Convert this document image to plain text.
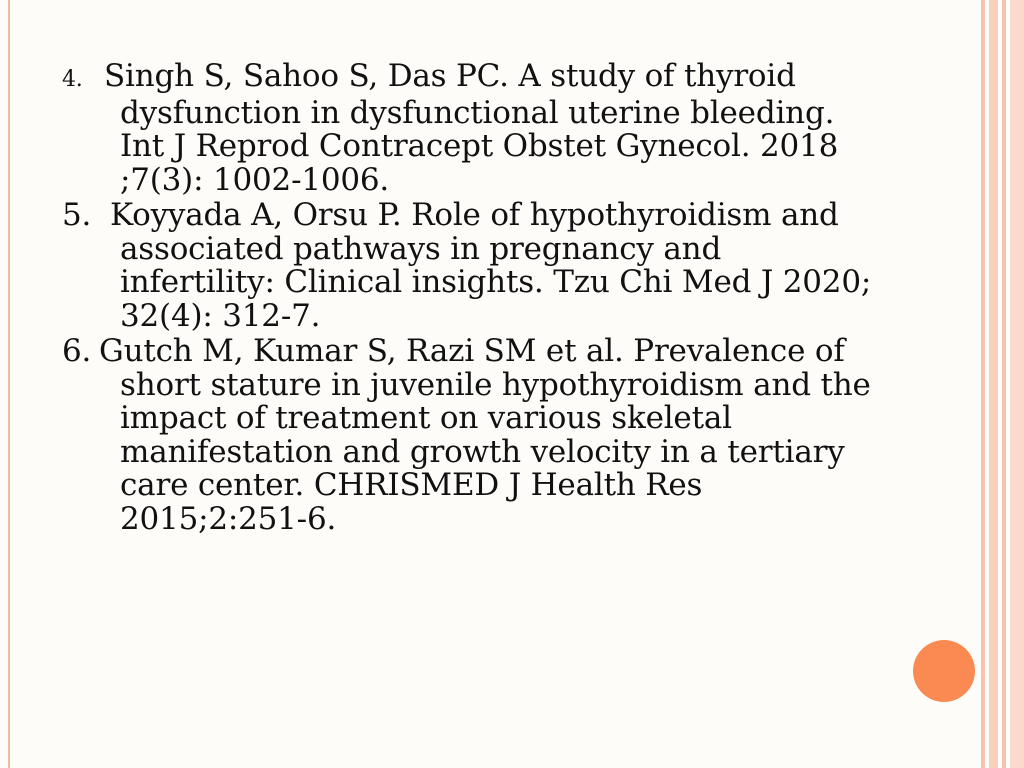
4. Singh S, Sahoo S, Das PC. A study of thyroid dysfunction in dysfunctional uterine bleeding. Int J Reprod Contracept Obstet Gynecol. 2018 ;7(3): 1002-1006.

5. Koyyada A, Orsu P. Role of hypothyroidism and associated pathways in pregnancy and infertility: Clinical insights. Tzu Chi Med J 2020; 32(4): 312-7.

6. Gutch M, Kumar S, Razi SM et al. Prevalence of short stature in juvenile hypothyroidism and the impact of treatment on various skeletal manifestation and growth velocity in a tertiary care center. CHRISMED J Health Res 2015;2:251-6.
